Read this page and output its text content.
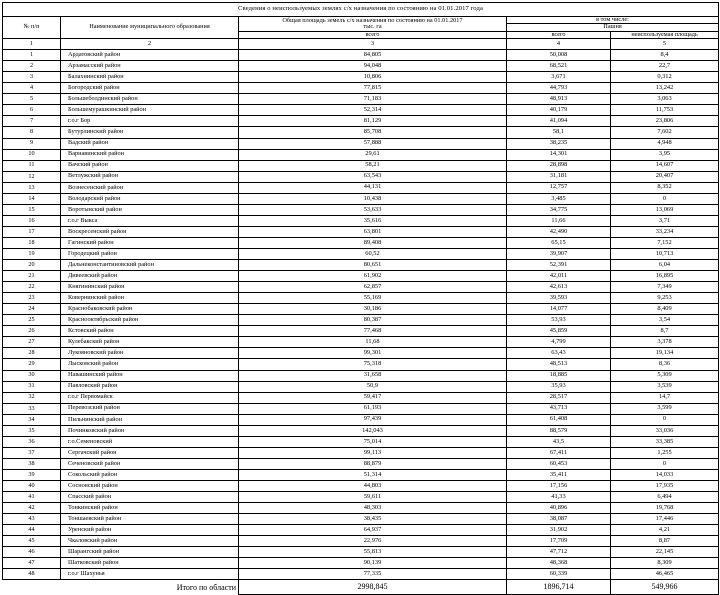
Сведения о неиспользуемых землях с/х назначения по состоянию на 01.01.2017 года				
№ п/п	Наименование муниципального образования	Общая площадь земель с/х назначения по состоянию на 01.01.2017
тыс. га	в том числе:	
			Пашня	
		всего	всего	неиспользуемая площадь
1	2	3	4	5
1	Ардатовский район	84,805	50,008	8,4
2	Арзамасский район	94,048	68,521	22,7
3	Балахнинский район	10,806	3,671	0,312
4	Богородский район	77,815	44,793	13,242
5	Большеболдинский район	71,183	48,913	3,063
6	Большемурашкинский район	52,314	40,179	11,753
7	г.о.г Бор	81,129	41,094	23,806
8	Бутурлинский район	85,708	58,1	7,602
9	Вадский район	57,888	38,235	4,948
10	Варнавинский район	29,61	14,301	3,95
11	Вачский район	58,21	28,898	14,607
12	Ветлужский район	63,543	31,181	20,407
13	Вознесенский район	44,131	12,757	8,352
14	Володарский район	10,438	3,485	0
15	Воротынский район	53,633	34,775	13,069
16	г.о.г Выкса	35,616	11,66	3,71
17	Воскресенский район	63,801	42,490	33,234
18	Гагинский район	89,408	65,15	7,152
19	Городецкий район	60,52	39,907	10,713
20	Дальнеконстантиновский район	80,651	52,391	6,04
21	Дивеевский район	61,902	42,011	16,895
22	Княгининский район	62,857	42,613	7,349
23	Ковернинский район	55,169	39,593	9,253
24	Краснобаковский район	30,186	14,077	8,409
25	Краснооктябрьский район	80,387	53,93	3,54
26	Кстовский район	77,468	45,859	8,7
27	Кулебакский район	11,68	4,799	3,378
28	Лукояновский район	99,301	63,43	19,134
29	Лысковский район	75,318	48,513	8,36
30	Навашинский район	31,658	18,885	5,309
31	Павловский район	50,9	35,93	3,539
32	г.о.г Первомайск	59,417	28,517	14,7
33	Перевозский район	61,193	43,713	3,599
34	Пильнинский район	97,439	61,408	0
35	Починковский район	142,043	88,579	33,036
36	г.о.Семеновский	75,014	43,5	33,385
37	Сергачский район	99,113	67,411	1,255
38	Сеченовский район	88,879	60,453	0
39	Сокольский район	51,314	35,411	14,033
40	Сосновский район	44,803	17,156	17,935
41	Спасский район	59,611	41,33	6,494
42	Тонкинский район	48,303	40,896	19,768
43	Тоншаевский район	38,435	38,087	17,446
44	Уренский район	64,937	31,902	4,21
45	Чкаловский район	22,976	17,709	8,87
46	Шарангский район	55,813	47,712	22,145
47	Шатковский район	90,139	48,368	8,309
48	г.о.г Шахунья	77,335	60,339	46,465
Итого по области		2998,845	1896,714	549,966
